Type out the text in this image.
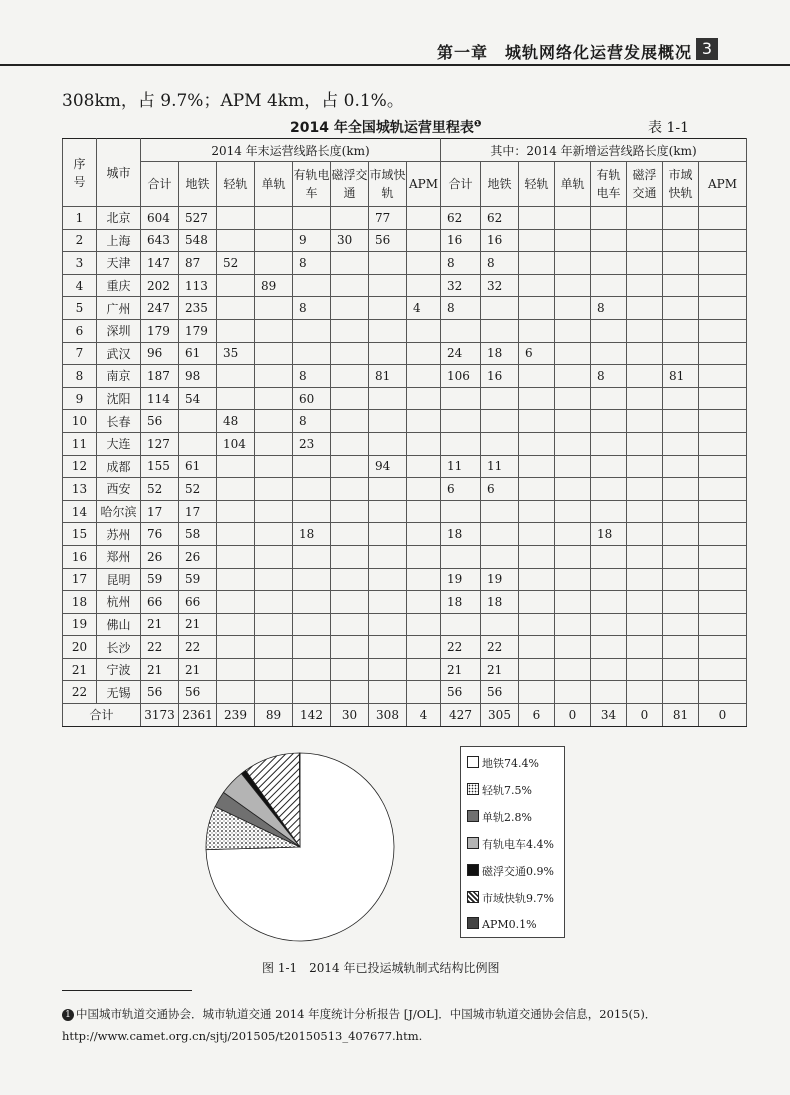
第一章　城轨网络化运营发展概况 3
308km，占 9.7%；APM 4km，占 0.1%。
2014 年全国城轨运营里程表$^❶$	表 1-1
序号	城市	2014 年末运营线路长度(km)								其中：2014 年新增运营线路长度(km)							
		合计	地铁	轻轨	单轨	有轨电车	磁浮交通	市域快轨	APM	合计	地铁	轻轨	单轨	有轨电车	磁浮交通	市域快轨	APM
1	北京	604	527					77		62	62						
2	上海	643	548			9	30	56		16	16						
3	天津	147	87	52		8				8	8						
4	重庆	202	113		89					32	32						
5	广州	247	235			8			4	8				8			
6	深圳	179	179														
7	武汉	96	61	35						24	18	6					
8	南京	187	98			8		81		106	16			8		81	
9	沈阳	114	54			60											
10	长春	56		48		8											
11	大连	127		104		23											
12	成都	155	61					94		11	11						
13	西安	52	52							6	6						
14	哈尔滨	17	17														
15	苏州	76	58			18				18				18			
16	郑州	26	26														
17	昆明	59	59							19	19						
18	杭州	66	66							18	18						
19	佛山	21	21														
20	长沙	22	22							22	22						
21	宁波	21	21							21	21						
22	无锡	56	56							56	56						
合计		3173	2361	239	89	142	30	308	4	427	305	6	0	34	0	81	0
地铁74.4%
轻轨7.5%
单轨2.8%
有轨电车4.4%
磁浮交通0.9%
市域快轨9.7%
APM0.1%
图 1-1　2014 年已投运城轨制式结构比例图
1 中国城市轨道交通协会．城市轨道交通 2014 年度统计分析报告 [J/OL]．中国城市轨道交通协会信息，2015(5)．
http://www.camet.org.cn/sjtj/201505/t20150513_407677.htm.
